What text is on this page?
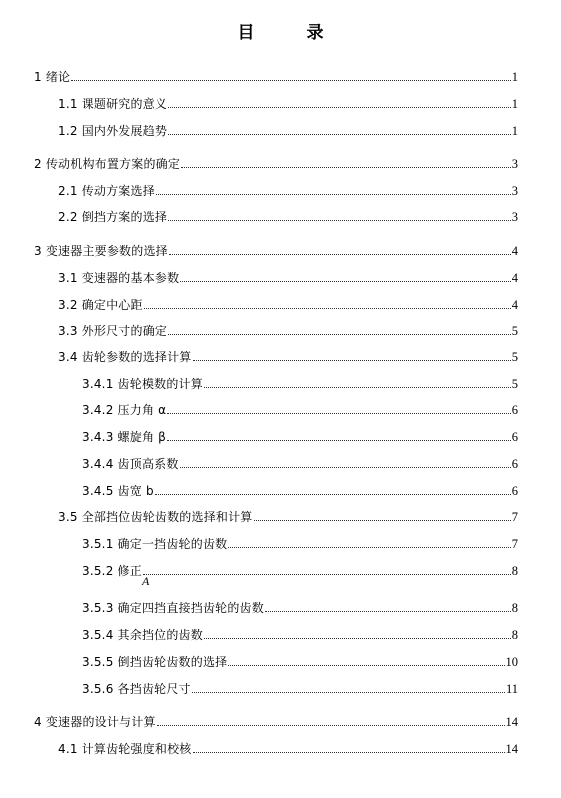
目录
1 绪论	1
1.1 课题研究的意义	1
1.2 国内外发展趋势	1
2 传动机构布置方案的确定	3
2.1 传动方案选择	3
2.2 倒挡方案的选择	3
3 变速器主要参数的选择	4
3.1 变速器的基本参数	4
3.2 确定中心距	4
3.3 外形尺寸的确定	5
3.4 齿轮参数的选择计算	5
3.4.1 齿轮模数的计算	5
3.4.2 压力角 α	6
3.4.3 螺旋角 β	6
3.4.4 齿顶高系数	6
3.4.5 齿宽 b	6
3.5 全部挡位齿轮齿数的选择和计算	7
3.5.1 确定一挡齿轮的齿数	7
3.5.2 修正	8
A
3.5.3 确定四挡直接挡齿轮的齿数	8
3.5.4 其余挡位的齿数	8
3.5.5 倒挡齿轮齿数的选择	10
3.5.6 各挡齿轮尺寸	11
4 变速器的设计与计算	14
4.1 计算齿轮强度和校核	14
